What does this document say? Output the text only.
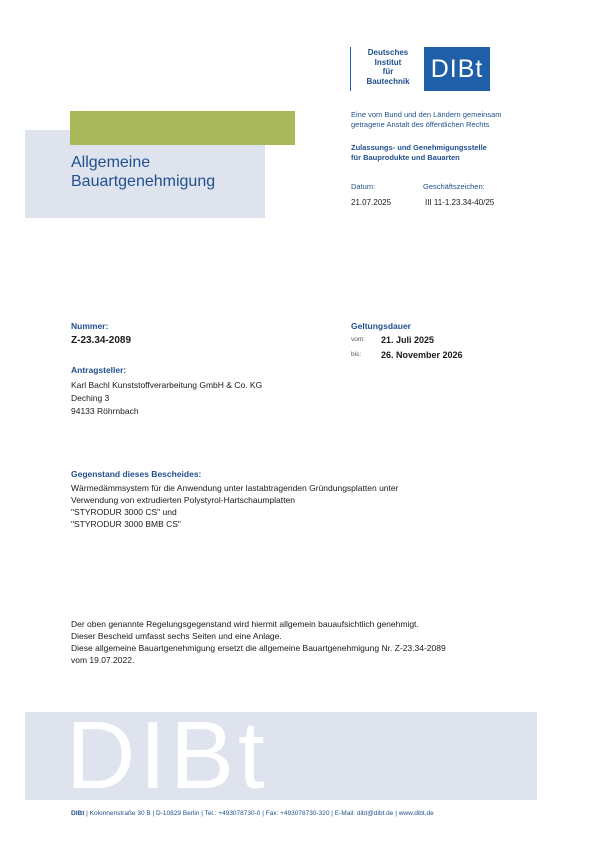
Deutsches
Institut
für
Bautechnik DIBt
Eine vom Bund und den Ländern gemeinsam
getragene Anstalt des öffentlichen Rechts
Zulassungs- und Genehmigungsstelle
für Bauprodukte und Bauarten
Datum:	Geschäftszeichen:
21.07.2025	III 11-1.23.34-40/25
Allgemeine
Bauartgenehmigung
Nummer:
Z-23.34-2089
Geltungsdauer
vom: 21. Juli 2025
bis: 26. November 2026
Antragsteller:
Karl Bachl Kunststoffverarbeitung GmbH & Co. KG
Deching 3
94133 Röhrnbach
Gegenstand dieses Bescheides:
Wärmedämmsystem für die Anwendung unter lastabtragenden Gründungsplatten unter
Verwendung von extrudierten Polystyrol-Hartschaumplatten
"STYRODUR 3000 CS" und
"STYRODUR 3000 BMB CS"
Der oben genannte Regelungsgegenstand wird hiermit allgemein bauaufsichtlich genehmigt.
Dieser Bescheid umfasst sechs Seiten und eine Anlage.
Diese allgemeine Bauartgenehmigung ersetzt die allgemeine Bauartgenehmigung Nr. Z-23.34-2089
vom 19.07.2022.
DIBt
DIBt | Kolonnenstraße 30 B | D-10829 Berlin | Tel.: +493078730-0 | Fax: +493078730-320 | E-Mail: dibt@dibt.de | www.dibt.de
